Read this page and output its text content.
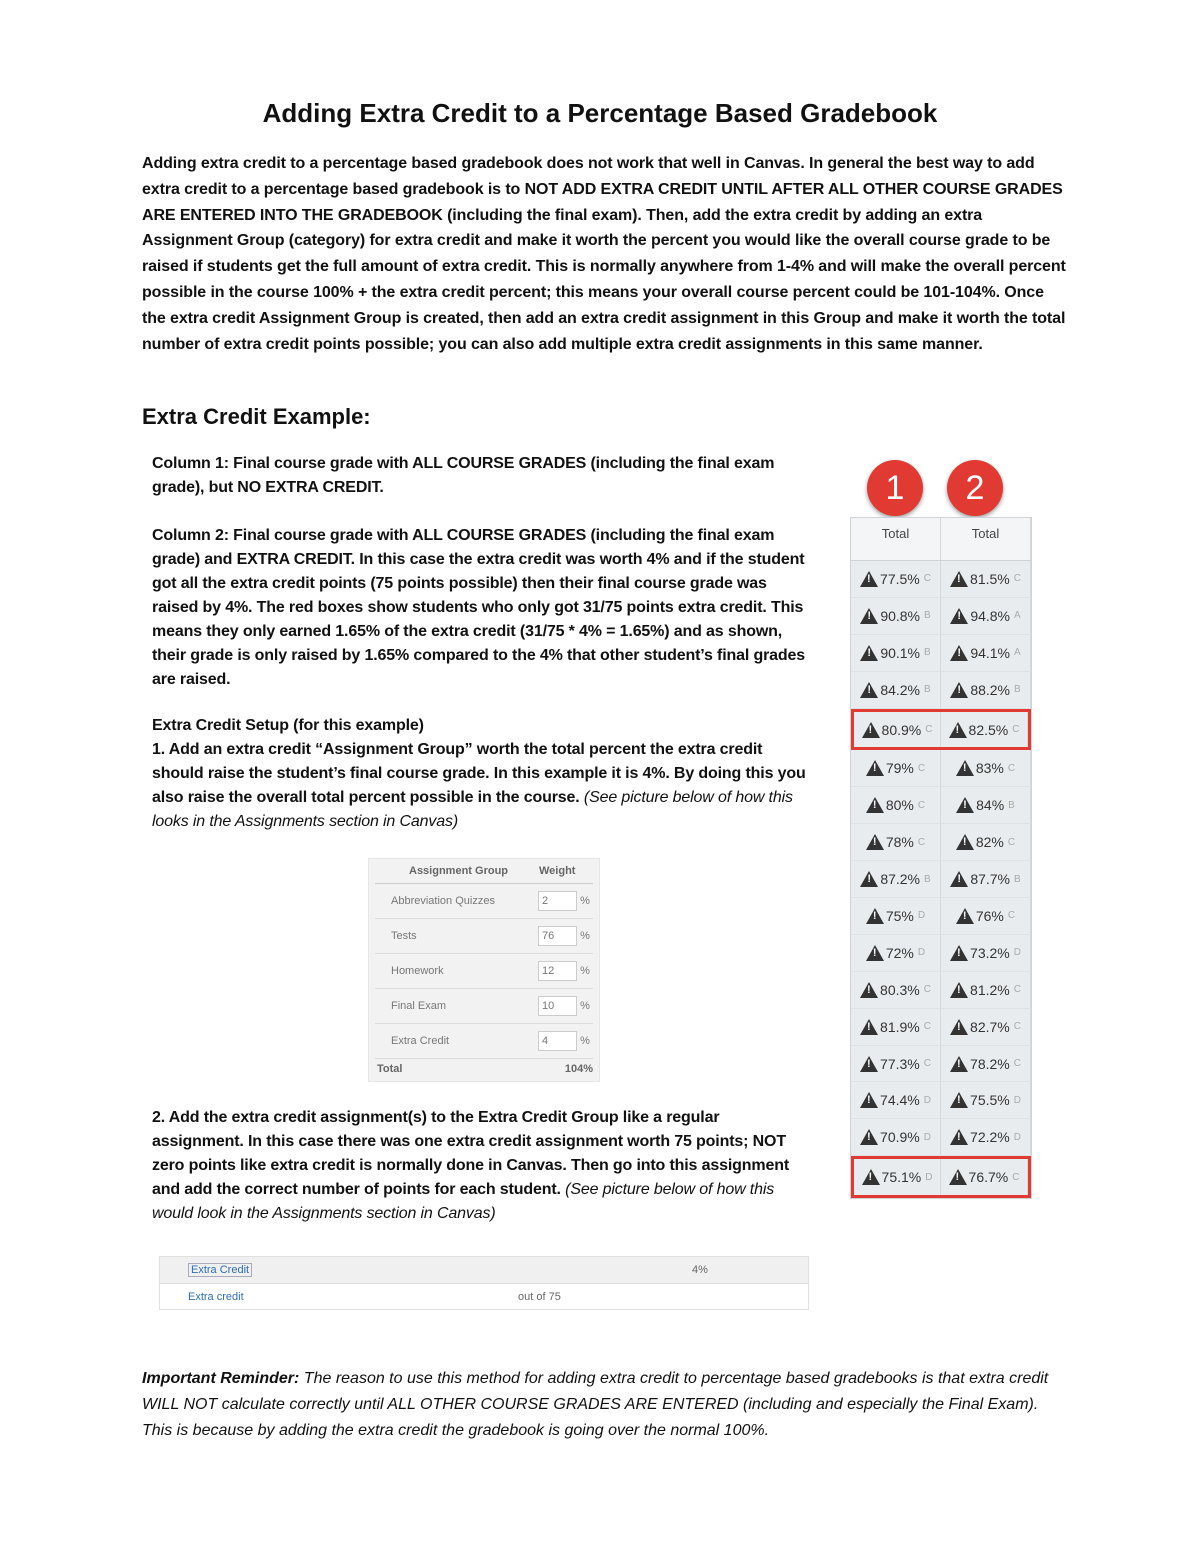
Adding Extra Credit to a Percentage Based Gradebook
Adding extra credit to a percentage based gradebook does not work that well in Canvas. In general the best way to add extra credit to a percentage based gradebook is to NOT ADD EXTRA CREDIT UNTIL AFTER ALL OTHER COURSE GRADES ARE ENTERED INTO THE GRADEBOOK (including the final exam). Then, add the extra credit by adding an extra Assignment Group (category) for extra credit and make it worth the percent you would like the overall course grade to be raised if students get the full amount of extra credit. This is normally anywhere from 1-4% and will make the overall percent possible in the course 100% + the extra credit percent; this means your overall course percent could be 101-104%. Once the extra credit Assignment Group is created, then add an extra credit assignment in this Group and make it worth the total number of extra credit points possible; you can also add multiple extra credit assignments in this same manner.
Extra Credit Example:
Column 1: Final course grade with ALL COURSE GRADES (including the final exam grade), but NO EXTRA CREDIT.
Column 2: Final course grade with ALL COURSE GRADES (including the final exam grade) and EXTRA CREDIT. In this case the extra credit was worth 4% and if the student got all the extra credit points (75 points possible) then their final course grade was raised by 4%. The red boxes show students who only got 31/75 points extra credit. This means they only earned 1.65% of the extra credit (31/75 * 4% = 1.65%) and as shown, their grade is only raised by 1.65% compared to the 4% that other student’s final grades are raised.
Extra Credit Setup (for this example)
1. Add an extra credit “Assignment Group” worth the total percent the extra credit should raise the student’s final course grade. In this example it is 4%. By doing this you also raise the overall total percent possible in the course. (See picture below of how this looks in the Assignments section in Canvas)
Assignment Group	Weight
Abbreviation Quizzes	2	%
Tests	76	%
Homework	12	%
Final Exam	10	%
Extra Credit	4	%
Total	104%
2. Add the extra credit assignment(s) to the Extra Credit Group like a regular assignment. In this case there was one extra credit assignment worth 75 points; NOT zero points like extra credit is normally done in Canvas. Then go into this assignment and add the correct number of points for each student. (See picture below of how this would look in the Assignments section in Canvas)
Extra Credit	4%
Extra credit	out of 75
1	2
Total	Total
!
77.5% C !	81.5% C
!
90.8% B !	94.8% A
!
90.1% B !	94.1% A
!
84.2% B !	88.2% B
!
80.9% C !	82.5% C
!
79% C !	83% C
!
80% C !	84% B
!
78% C !	82% C
!
87.2% B !	87.7% B
!
75% D !	76% C
!
72% D !	73.2% D
!
80.3% C !	81.2% C
!
81.9% C !	82.7% C
!
77.3% C !	78.2% C
!
74.4% D !	75.5% D
!
70.9% D !	72.2% D
!
75.1% D !	76.7% C
Important Reminder: The reason to use this method for adding extra credit to percentage based gradebooks is that extra credit WILL NOT calculate correctly until ALL OTHER COURSE GRADES ARE ENTERED (including and especially the Final Exam). This is because by adding the extra credit the gradebook is going over the normal 100%.
